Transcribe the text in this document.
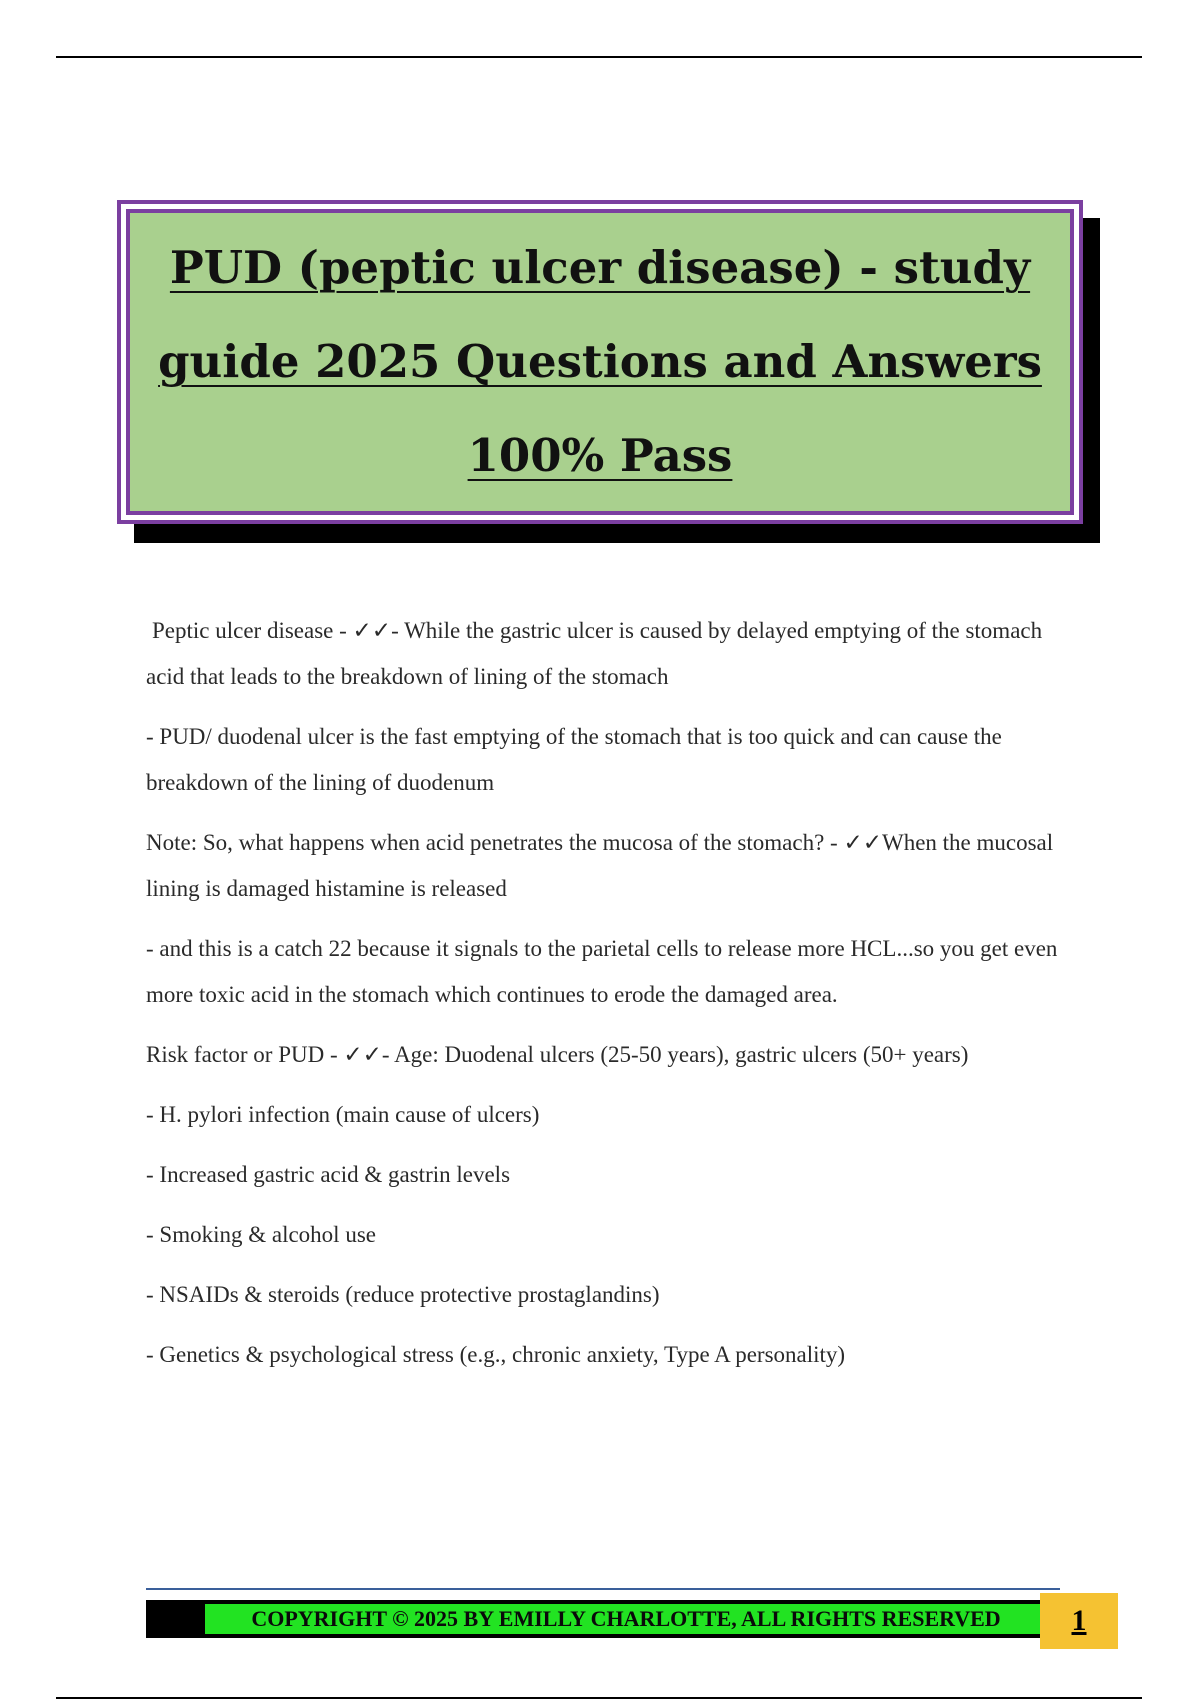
PUD (peptic ulcer disease) - study guide 2025 Questions and Answers 100% Pass

Peptic ulcer disease - ✓✓- While the gastric ulcer is caused by delayed emptying of the stomach acid that leads to the breakdown of lining of the stomach

- PUD/ duodenal ulcer is the fast emptying of the stomach that is too quick and can cause the breakdown of the lining of duodenum

Note: So, what happens when acid penetrates the mucosa of the stomach? - ✓✓When the mucosal lining is damaged histamine is released

- and this is a catch 22 because it signals to the parietal cells to release more HCL...so you get even more toxic acid in the stomach which continues to erode the damaged area.

Risk factor or PUD - ✓✓- Age: Duodenal ulcers (25-50 years), gastric ulcers (50+ years)

- H. pylori infection (main cause of ulcers)

- Increased gastric acid & gastrin levels

- Smoking & alcohol use

- NSAIDs & steroids (reduce protective prostaglandins)

- Genetics & psychological stress (e.g., chronic anxiety, Type A personality)

COPYRIGHT © 2025 BY EMILLY CHARLOTTE, ALL RIGHTS RESERVED	1
